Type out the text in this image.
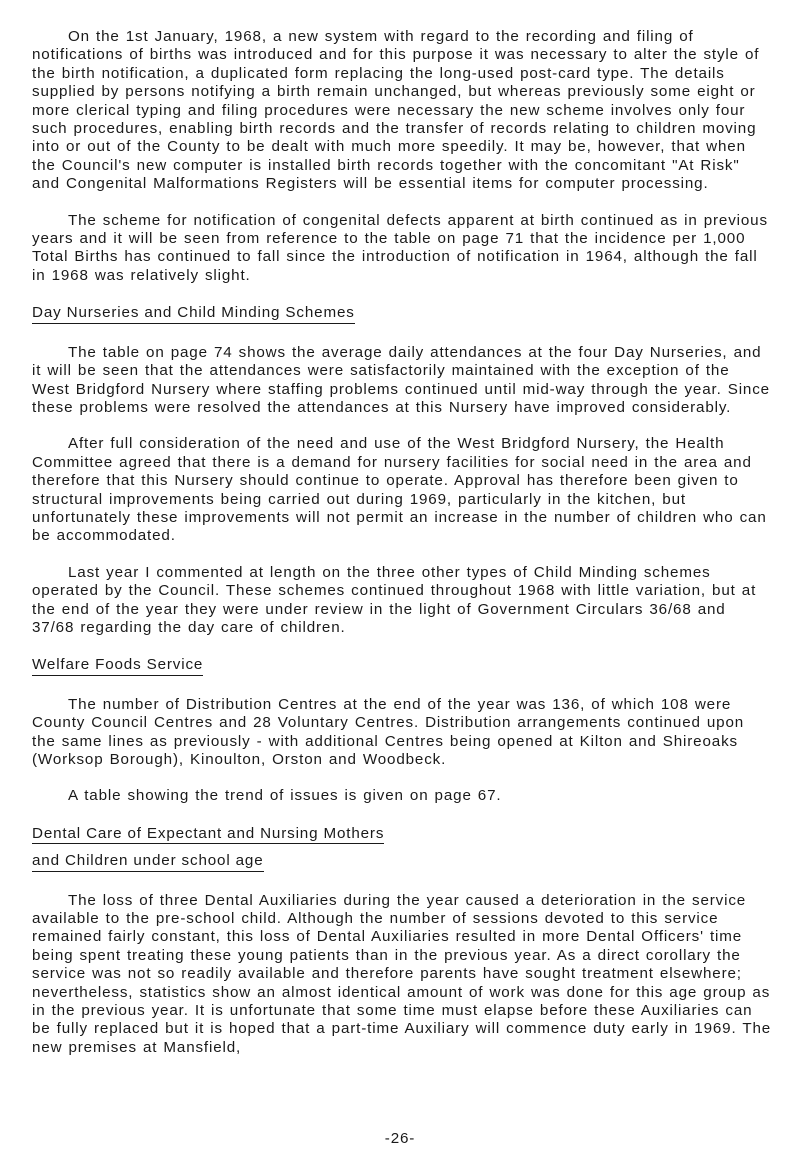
On the 1st January, 1968, a new system with regard to the recording and filing of notifications of births was introduced and for this purpose it was necessary to alter the style of the birth notification, a duplicated form replacing the long-used post-card type. The details supplied by persons notifying a birth remain unchanged, but whereas previously some eight or more clerical typing and filing procedures were necessary the new scheme involves only four such procedures, enabling birth records and the transfer of records relating to children moving into or out of the County to be dealt with much more speedily. It may be, however, that when the Council's new computer is installed birth records together with the concomitant "At Risk" and Congenital Malformations Registers will be essential items for computer processing.

The scheme for notification of congenital defects apparent at birth continued as in previous years and it will be seen from reference to the table on page 71 that the incidence per 1,000 Total Births has continued to fall since the introduction of notification in 1964, although the fall in 1968 was relatively slight.

Day Nurseries and Child Minding Schemes

The table on page 74 shows the average daily attendances at the four Day Nurseries, and it will be seen that the attendances were satisfactorily maintained with the exception of the West Bridgford Nursery where staffing problems continued until mid-way through the year. Since these problems were resolved the attendances at this Nursery have improved considerably.

After full consideration of the need and use of the West Bridgford Nursery, the Health Committee agreed that there is a demand for nursery facilities for social need in the area and therefore that this Nursery should continue to operate. Approval has therefore been given to structural improvements being carried out during 1969, particularly in the kitchen, but unfortunately these improvements will not permit an increase in the number of children who can be accommodated.

Last year I commented at length on the three other types of Child Minding schemes operated by the Council. These schemes continued throughout 1968 with little variation, but at the end of the year they were under review in the light of Government Circulars 36/68 and 37/68 regarding the day care of children.

Welfare Foods Service

The number of Distribution Centres at the end of the year was 136, of which 108 were County Council Centres and 28 Voluntary Centres. Distribution arrangements continued upon the same lines as previously - with additional Centres being opened at Kilton and Shireoaks (Worksop Borough), Kinoulton, Orston and Woodbeck.

A table showing the trend of issues is given on page 67.

Dental Care of Expectant and Nursing Mothers
and Children under school age

The loss of three Dental Auxiliaries during the year caused a deterioration in the service available to the pre-school child. Although the number of sessions devoted to this service remained fairly constant, this loss of Dental Auxiliaries resulted in more Dental Officers' time being spent treating these young patients than in the previous year. As a direct corollary the service was not so readily available and therefore parents have sought treatment elsewhere; nevertheless, statistics show an almost identical amount of work was done for this age group as in the previous year. It is unfortunate that some time must elapse before these Auxiliaries can be fully replaced but it is hoped that a part-time Auxiliary will commence duty early in 1969. The new premises at Mansfield,

-26-
